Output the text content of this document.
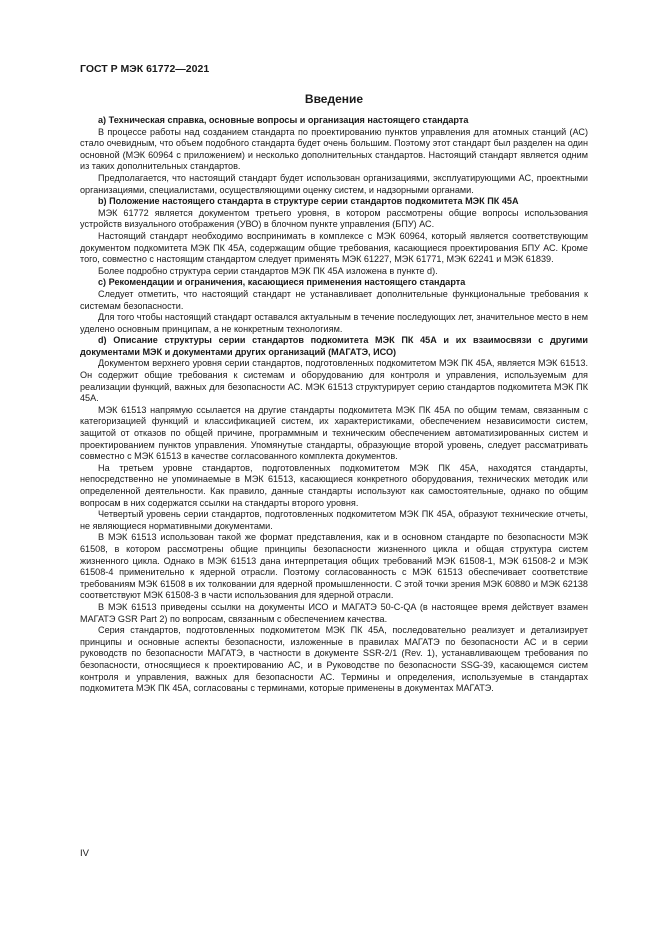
ГОСТ Р МЭК 61772—2021
Введение

a) Техническая справка, основные вопросы и организация настоящего стандарта

В процессе работы над созданием стандарта по проектированию пунктов управления для атомных станций (АС) стало очевидным, что объем подобного стандарта будет очень большим. Поэтому этот стандарт был разделен на один основной (МЭК 60964 с приложением) и несколько дополнительных стандартов. Настоящий стандарт является одним из таких дополнительных стандартов.

Предполагается, что настоящий стандарт будет использован организациями, эксплуатирующими АС, проектными организациями, специалистами, осуществляющими оценку систем, и надзорными органами.

b) Положение настоящего стандарта в структуре серии стандартов подкомитета МЭК ПК 45А

МЭК 61772 является документом третьего уровня, в котором рассмотрены общие вопросы использования устройств визуального отображения (УВО) в блочном пункте управления (БПУ) АС.

Настоящий стандарт необходимо воспринимать в комплексе с МЭК 60964, который является соответствующим документом подкомитета МЭК ПК 45А, содержащим общие требования, касающиеся проектирования БПУ АС. Кроме того, совместно с настоящим стандартом следует применять МЭК 61227, МЭК 61771, МЭК 62241 и МЭК 61839.

Более подробно структура серии стандартов МЭК ПК 45А изложена в пункте d).

c) Рекомендации и ограничения, касающиеся применения настоящего стандарта

Следует отметить, что настоящий стандарт не устанавливает дополнительные функциональные требования к системам безопасности.

Для того чтобы настоящий стандарт оставался актуальным в течение последующих лет, значительное место в нем уделено основным принципам, а не конкретным технологиям.

d) Описание структуры серии стандартов подкомитета МЭК ПК 45А и их взаимосвязи с другими документами МЭК и документами других организаций (МАГАТЭ, ИСО)

Документом верхнего уровня серии стандартов, подготовленных подкомитетом МЭК ПК 45А, является МЭК 61513. Он содержит общие требования к системам и оборудованию для контроля и управления, используемым для реализации функций, важных для безопасности АС. МЭК 61513 структурирует серию стандартов подкомитета МЭК ПК 45А.

МЭК 61513 напрямую ссылается на другие стандарты подкомитета МЭК ПК 45А по общим темам, связанным с категоризацией функций и классификацией систем, их характеристиками, обеспечением независимости систем, защитой от отказов по общей причине, программным и техническим обеспечением автоматизированных систем и проектированием пунктов управления. Упомянутые стандарты, образующие второй уровень, следует рассматривать совместно с МЭК 61513 в качестве согласованного комплекта документов.

На третьем уровне стандартов, подготовленных подкомитетом МЭК ПК 45А, находятся стандарты, непосредственно не упоминаемые в МЭК 61513, касающиеся конкретного оборудования, технических методик или определенной деятельности. Как правило, данные стандарты используют как самостоятельные, однако по общим вопросам в них содержатся ссылки на стандарты второго уровня.

Четвертый уровень серии стандартов, подготовленных подкомитетом МЭК ПК 45А, образуют технические отчеты, не являющиеся нормативными документами.

В МЭК 61513 использован такой же формат представления, как и в основном стандарте по безопасности МЭК 61508, в котором рассмотрены общие принципы безопасности жизненного цикла и общая структура систем жизненного цикла. Однако в МЭК 61513 дана интерпретация общих требований МЭК 61508-1, МЭК 61508-2 и МЭК 61508-4 применительно к ядерной отрасли. Поэтому согласованность с МЭК 61513 обеспечивает соответствие требованиям МЭК 61508 в их толковании для ядерной промышленности. С этой точки зрения МЭК 60880 и МЭК 62138 соответствуют МЭК 61508-3 в части использования для ядерной отрасли.

В МЭК 61513 приведены ссылки на документы ИСО и МАГАТЭ 50-С-QA (в настоящее время действует взамен МАГАТЭ GSR Part 2) по вопросам, связанным с обеспечением качества.

Серия стандартов, подготовленных подкомитетом МЭК ПК 45А, последовательно реализует и детализирует принципы и основные аспекты безопасности, изложенные в правилах МАГАТЭ по безопасности АС и в серии руководств по безопасности МАГАТЭ, в частности в документе SSR-2/1 (Rev. 1), устанавливающем требования по безопасности, относящиеся к проектированию АС, и в Руководстве по безопасности SSG-39, касающемся систем контроля и управления, важных для безопасности АС. Термины и определения, используемые в стандартах подкомитета МЭК ПК 45А, согласованы с терминами, которые применены в документах МАГАТЭ.

IV
